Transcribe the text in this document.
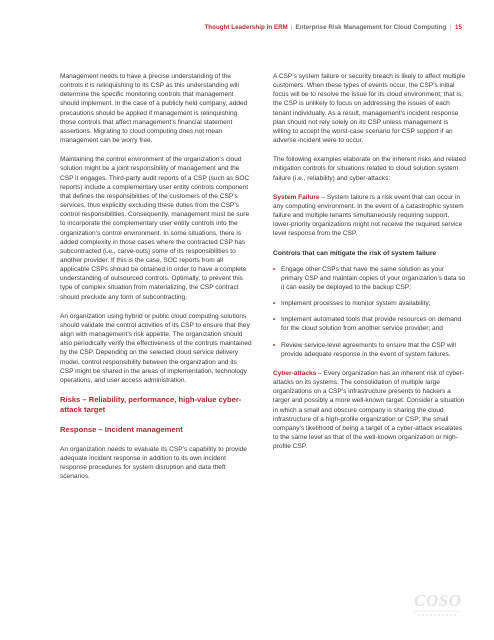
Thought Leadership in ERM | Enterprise Risk Management for Cloud Computing | 15

Management needs to have a precise understanding of the controls it is relinquishing to its CSP as this understanding will determine the specific monitoring controls that management should implement. In the case of a publicly held company, added precautions should be applied if management is relinquishing those controls that affect management’s financial statement assertions. Migrating to cloud computing does not mean management can be worry free.

Maintaining the control environment of the organization’s cloud solution might be a joint responsibility of management and the CSP it engages. Third-party audit reports of a CSP (such as SOC reports) include a complementary user entity controls component that defines the responsibilities of the customers of the CSP’s services, thus explicitly excluding these duties from the CSP’s control responsibilities. Consequently, management must be sure to incorporate the complementary user entity controls into the organization’s control environment. In some situations, there is added complexity in those cases where the contracted CSP has subcontracted (i.e., carve-outs) some of its responsibilities to another provider. If this is the case, SOC reports from all applicable CSPs should be obtained in order to have a complete understanding of outsourced controls. Optimally, to prevent this type of complex situation from materializing, the CSP contract should preclude any form of subcontracting.

An organization using hybrid or public cloud computing solutions should validate the control activities of its CSP to ensure that they align with management’s risk appetite. The organization should also periodically verify the effectiveness of the controls maintained by the CSP. Depending on the selected cloud service delivery model, control responsibility between the organization and its CSP might be shared in the areas of implementation, technology operations, and user access administration.

Risks – Reliability, performance, high-value cyber-attack target
Response – Incident management

An organization needs to evaluate its CSP’s capability to provide adequate incident response in addition to its own incident response procedures for system disruption and data theft scenarios.

A CSP’s system failure or security breach is likely to affect multiple customers. When these types of events occur, the CSP’s initial focus will be to resolve the issue for its cloud environment; that is, the CSP is unlikely to focus on addressing the issues of each tenant individually. As a result, management’s incident response plan should not rely solely on its CSP unless management is willing to accept the worst-case scenario for CSP support if an adverse incident were to occur.

The following examples elaborate on the inherent risks and related mitigation controls for situations related to cloud solution system failure (i.e., reliability) and cyber-attacks:

System Failure – System failure is a risk event that can occur in any computing environment. In the event of a catastrophic system failure and multiple tenants simultaneously requiring support, lower-priority organizations might not receive the required service level response from the CSP.

Controls that can mitigate the risk of system failure
• Engage other CSPs that have the same solution as your primary CSP and maintain copies of your organization’s data so it can easily be deployed to the backup CSP;
• Implement processes to monitor system availability;
• Implement automated tools that provide resources on demand for the cloud solution from another service provider; and
• Review service-level agreements to ensure that the CSP will provide adequate response in the event of system failures.

Cyber-attacks – Every organization has an inherent risk of cyber-attacks on its systems. The consolidation of multiple large organizations on a CSP’s infrastructure presents to hackers a larger and possibly a more well-known target. Consider a situation in which a small and obscure company is sharing the cloud infrastructure of a high-profile organization or CSP; the small company’s likelihood of being a target of a cyber-attack escalates to the same level as that of the well-known organization or high-profile CSP.

COSO
